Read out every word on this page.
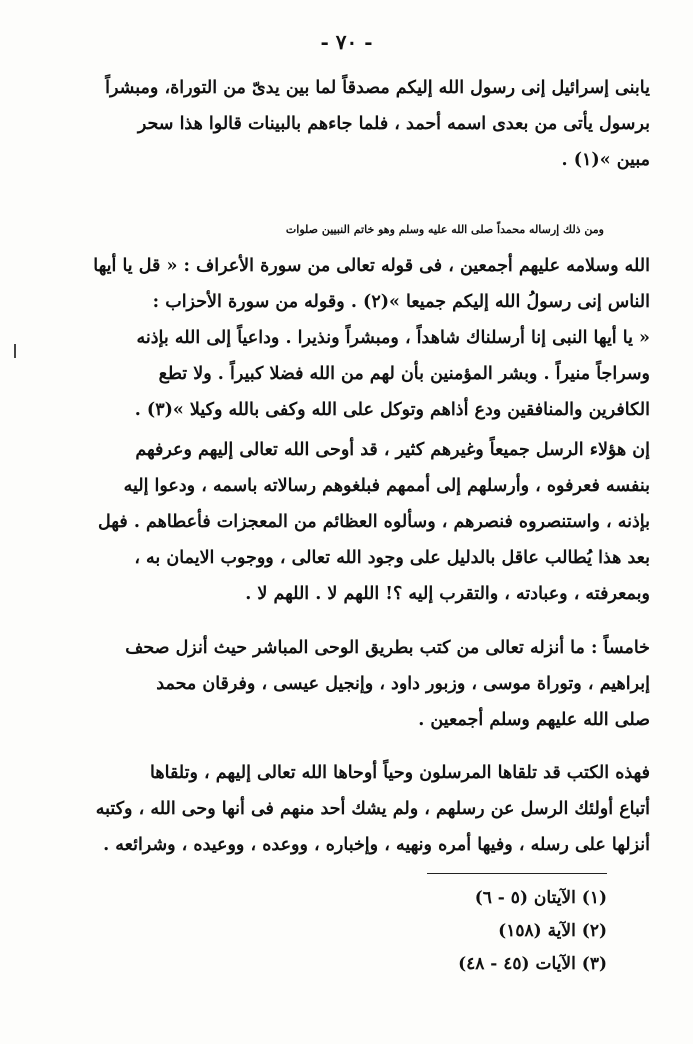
- ٧٠ -

يابنى إسرائيل إنى رسول الله إليكم مصدقاً لما بين يدىّ من التوراة، ومبشراً

برسول يأتى من بعدى اسمه أحمد ، فلما جاءهم بالبينات قالوا هذا سحر

مبين »(١) .

ومن ذلك إرساله محمداً صلى الله عليه وسلم وهو خاتم النبيين صلوات

الله وسلامه عليهم أجمعين ، فى قوله تعالى من سورة الأعراف : « قل يا أيها

الناس إنى رسولُ الله إليكم جميعا »(٢) . وقوله من سورة الأحزاب :

« يا أيها النبى إنا أرسلناك شاهداً ، ومبشراً ونذيرا . وداعياً إلى الله بإذنه

وسراجاً منيراً . وبشر المؤمنين بأن لهم من الله فضلا كبيراً . ولا تطع

الكافرين والمنافقين ودع أذاهم وتوكل على الله وكفى بالله وكيلا »(٣) .

إن هؤلاء الرسل جميعاً وغيرهم كثير ، قد أوحى الله تعالى إليهم وعرفهم

بنفسه فعرفوه ، وأرسلهم إلى أممهم فبلغوهم رسالاته باسمه ، ودعوا إليه

بإذنه ، واستنصروه فنصرهم ، وسألوه العظائم من المعجزات فأعطاهم . فهل

بعد هذا يُطالب عاقل بالدليل على وجود الله تعالى ، ووجوب الايمان به ،

وبمعرفته ، وعبادته ، والتقرب إليه ؟! اللهم لا . اللهم لا .

خامساً : ما أنزله تعالى من كتب بطريق الوحى المباشر حيث أنزل صحف

إبراهيم ، وتوراة موسى ، وزبور داود ، وإنجيل عيسى ، وفرقان محمد

صلى الله عليهم وسلم أجمعين .

فهذه الكتب قد تلقاها المرسلون وحياً أوحاها الله تعالى إليهم ، وتلقاها

أتباع أولئك الرسل عن رسلهم ، ولم يشك أحد منهم فى أنها وحى الله ، وكتبه

أنزلها على رسله ، وفيها أمره ونهيه ، وإخباره ، ووعده ، ووعيده ، وشرائعه .

(١) الآيتان (٥ - ٦)

(٢) الآية (١٥٨)

(٣) الآيات (٤٥ - ٤٨)
